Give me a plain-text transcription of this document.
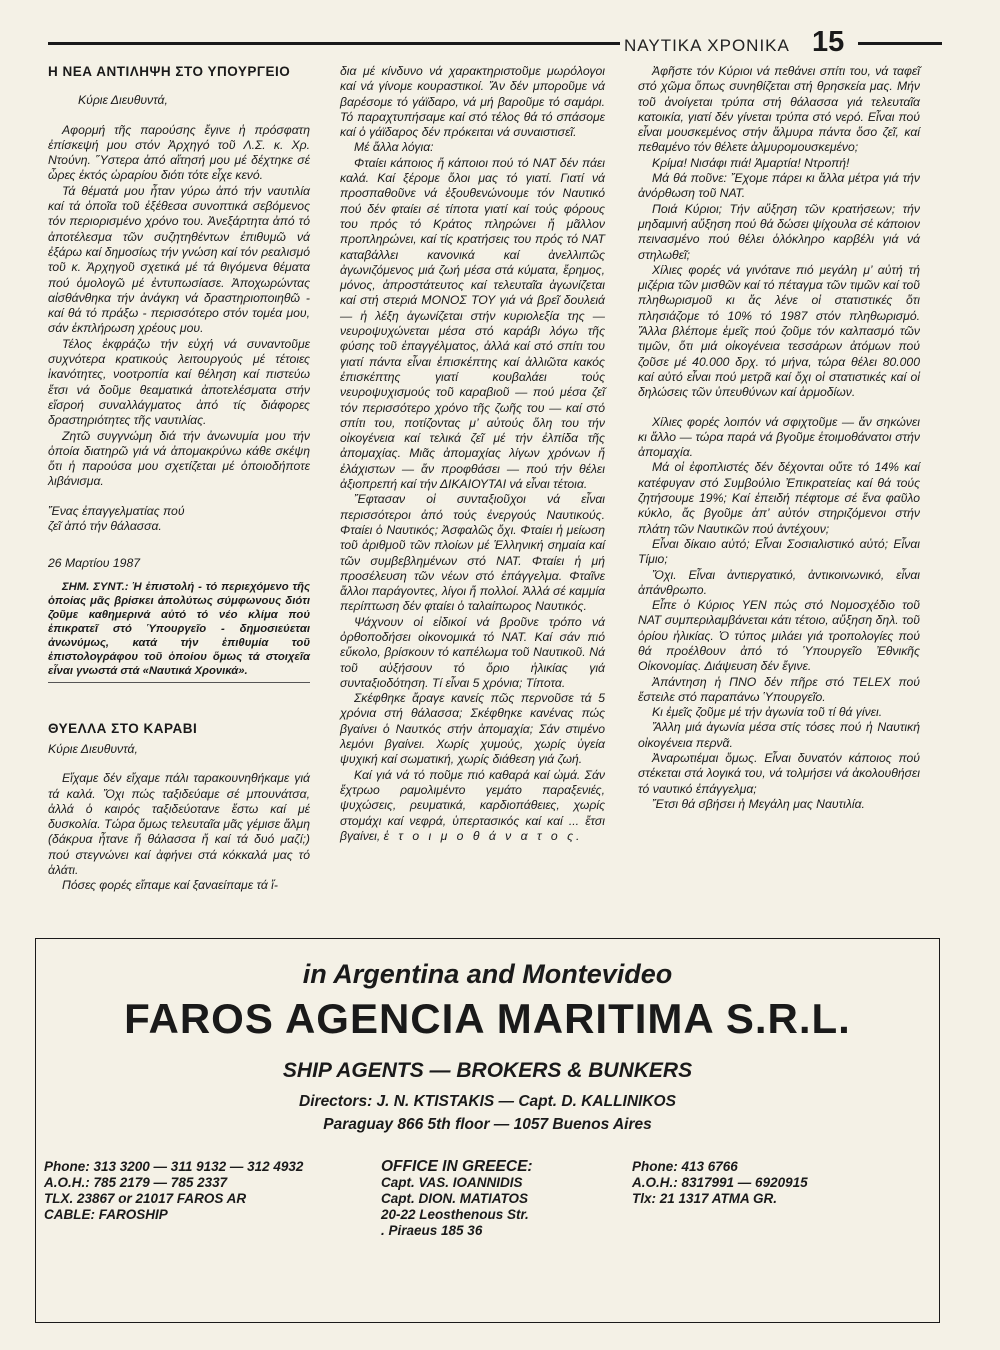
ΝΑΥΤΙΚΑ ΧΡΟΝΙΚΑ 15
Η ΝΕΑ ΑΝΤΙΛΗΨΗ ΣΤΟ ΥΠΟΥΡΓΕΙΟ

Κύριε Διευθυντά,

Αφορμή τῆς παρούσης ἔγινε ἡ πρόσφατη ἐπίσκεψή μου στόν Ἀρχηγό τοῦ Λ.Σ. κ. Χρ. Ντούνη. Ὕστερα ἀπό αἴτησή μου μέ δέχτηκε σέ ὧρες ἐκτός ὡραρίου διότι τότε εἶχε κενό.

Τά θέματά μου ἦταν γύρω ἀπό τήν ναυτιλία καί τά ὁποῖα τοῦ ἐξέθεσα συνοπτικά σεβόμενος τόν περιορισμένο χρόνο του. Ἀνεξάρτητα ἀπό τό ἀποτέλεσμα τῶν συζητηθέντων ἐπιθυμῶ νά ἐξάρω καί δημοσίως τήν γνώση καί τόν ρεαλισμό τοῦ κ. Ἀρχηγοῦ σχετικά μέ τά θιγόμενα θέματα πού ὁμολογῶ μέ ἐντυπωσίασε. Ἀποχωρώντας αἰσθάνθηκα τήν ἀνάγκη νά δραστηριοποιηθῶ - καί θά τό πράξω - περισσότερο στόν τομέα μου, σάν ἐκπλήρωση χρέους μου.

Τέλος ἐκφράζω τήν εὐχή νά συναντοῦμε συχνότερα κρατικούς λειτουργούς μέ τέτοιες ἱκανότητες, νοοτροπία καί θέληση καί πιστεύω ἔτσι νά δοῦμε θεαματικά ἀποτελέσματα στήν εἴσροή συναλλάγματος ἀπό τίς διάφορες δραστηριότητες τῆς ναυτιλίας.

Ζητῶ συγγνώμη διά τήν ἀνωνυμία μου τήν ὁποία διατηρῶ γιά νά ἀπομακρύνω κάθε σκέψη ὅτι ἡ παρούσα μου σχετίζεται μέ ὁποιοδήποτε λιβάνισμα.

Ἕνας ἐπαγγελματίας πού

ζεῖ ἀπό τήν θάλασσα.

26 Μαρτίου 1987

ΣΗΜ. ΣΥΝΤ.: Ἡ ἐπιστολή - τό περιεχόμενο τῆς ὁποίας μᾶς βρίσκει ἀπολύτως σύμφωνους διότι ζοῦμε καθημερινά αὐτό τό νέο κλίμα πού ἐπικρατεῖ στό Ὑπουργεῖο - δημοσιεύεται ἀνωνύμως, κατά τήν ἐπιθυμία τοῦ ἐπιστολογράφου τοῦ ὁποίου ὅμως τά στοιχεῖα εἶναι γνωστά στά «Ναυτικά Χρονικά».

ΘΥΕΛΛΑ ΣΤΟ ΚΑΡΑΒΙ

Κύριε Διευθυντά,

Εἴχαμε δέν εἴχαμε πάλι ταρακουνηθήκαμε γιά τά καλά. Ὄχι πώς ταξιδεύαμε σέ μπουνάτσα, ἀλλά ὁ καιρός ταξιδεύοτανε ἔστω καί μέ δυσκολία. Τώρα ὅμως τελευταῖα μᾶς γέμισε ἅλμη (δάκρυα ἦτανε ἤ θάλασσα ἤ καί τά δυό μαζί;) πού στεγνώνει καί ἀφήνει στά κόκκαλά μας τό ἁλάτι.

Πόσες φορές εἴπαμε καί ξαναείπαμε τά ἴ-

δια μέ κίνδυνο νά χαρακτηριστοῦμε μωρόλογοι καί νά γίνομε κουραστικοί. Ἄν δέν μποροῦμε νά βαρέσομε τό γάϊδαρο, νά μή βαροῦμε τό σαμάρι. Τό παραχτυπήσαμε καί στό τέλος θά τό σπάσομε καί ὁ γάϊδαρος δέν πρόκειται νά συναιστισεῖ.

Μέ ἄλλα λόγια:

Φταίει κάποιος ἤ κάποιοι πού τό ΝΑΤ δέν πάει καλά. Καί ξέρομε ὅλοι μας τό γιατί. Γιατί νά προσπαθοῦνε νά ἐξουθενώνουμε τόν Ναυτικό πού δέν φταίει σέ τίποτα γιατί καί τούς φόρους του πρός τό Κράτος πληρώνει ἤ μᾶλλον προπληρώνει, καί τίς κρατήσεις του πρός τό ΝΑΤ καταβάλλει κανονικά καί ἀνελλιπῶς ἀγωνιζόμενος μιά ζωή μέσα στά κύματα, ἔρημος, μόνος, ἀπροστάτευτος καί τελευταῖα ἀγωνίζεται καί στή στεριά ΜΟΝΟΣ ΤΟΥ γιά νά βρεῖ δουλειά — ἡ λέξη ἀγωνίζεται στήν κυριολεξία της — νευροψυχώνεται μέσα στό καράβι λόγω τῆς φύσης τοῦ ἐπαγγέλματος, ἀλλά καί στό σπίτι του γιατί πάντα εἶναι ἐπισκέπτης καί ἀλλιῶτα κακός ἐπισκέπτης γιατί κουβαλάει τούς νευροψυχισμούς τοῦ καραβιοῦ — πού μέσα ζεῖ τόν περισσότερο χρόνο τῆς ζωῆς του — καί στό σπίτι του, ποτίζοντας μ’ αὐτούς ὅλη του τήν οἰκογένεια καί τελικά ζεῖ μέ τήν ἐλπίδα τῆς ἀπομαχίας. Μιᾶς ἀπομαχίας λίγων χρόνων ἤ ἐλάχιστων — ἄν προφθάσει — πού τήν θέλει ἀξιοπρεπή καί τήν ΔΙΚΑΙΟΥΤΑΙ νά εἶναι τέτοια.

Ἔφτασαν οἱ συνταξιοῦχοι νά εἶναι περισσότεροι ἀπό τούς ἐνεργούς Ναυτικούς. Φταίει ὁ Ναυτικός; Ἀσφαλῶς ὄχι. Φταίει ἡ μείωση τοῦ ἀριθμοῦ τῶν πλοίων μέ Ἑλληνική σημαία καί τῶν συμβεβλημένων στό ΝΑΤ. Φταίει ἡ μή προσέλευση τῶν νέων στό ἐπάγγελμα. Φταῖνε ἄλλοι παράγοντες, λίγοι ἤ πολλοί. Ἀλλά σέ καμμία περίπτωση δέν φταίει ὁ ταλαίπωρος Ναυτικός.

Ψάχνουν οἱ εἰδικοί νά βροῦνε τρόπο νά ὀρθοποδήσει οἰκονομικά τό ΝΑΤ. Καί σάν πιό εὔκολο, βρίσκουν τό καπέλωμα τοῦ Ναυτικοῦ. Νά τοῦ αὐξήσουν τό ὅριο ἡλικίας γιά συνταξιοδότηση. Τί εἶναι 5 χρόνια; Τίποτα.

Σκέφθηκε ἄραγε κανείς πῶς περνοῦσε τά 5 χρόνια στή θάλασσα; Σκέφθηκε κανένας πώς βγαίνει ὁ Ναυτκός στήν ἀπομαχία; Σάν στιμένο λεμόνι βγαίνει. Χωρίς χυμούς, χωρίς ὑγεία ψυχική καί σωματική, χωρίς διάθεση γιά ζωή.

Καί γιά νά τό ποῦμε πιό καθαρά καί ὠμά. Σάν ἔχτρωο ραμολιμέντο γεμάτο παραξενιές, ψυχώσεις, ρευματικά, καρδιοπάθειες, χωρίς στομάχι καί νεφρά, ὑπερτασικός καί καί ... ἔτσι βγαίνει, ἑ τ ο ι μ ο θ ά ν α τ ο ς.

Ἀφῆστε τόν Κύριοι νά πεθάνει σπίτι του, νά ταφεῖ στό χῶμα ὅπως συνηθίζεται στή θρησκεία μας. Μήν τοῦ ἀνοίγεται τρύπα στή θάλασσα γιά τελευταῖα κατοικία, γιατί δέν γίνεται τρύπα στό νερό. Εἶναι πού εἶναι μουσκεμένος στήν ἅλμυρα πάντα ὅσο ζεῖ, καί πεθαμένο τόν θέλετε ἁλμυρομουσκεμένο;

Κρίμα! Νισάφι πιά! Ἁμαρτία! Ντροπή!

Μά θά ποῦνε: Ἔχομε πάρει κι ἄλλα μέτρα γιά τήν ἀνόρθωση τοῦ ΝΑΤ.

Ποιά Κύριοι; Τήν αὔξηση τῶν κρατήσεων; τήν μηδαμινή αὔξηση πού θά δώσει ψίχουλα σέ κάποιον πεινασμένο πού θέλει ὁλόκληρο καρβέλι γιά νά στηλωθεῖ;

Χίλιες φορές νά γινότανε πιό μεγάλη μ’ αὐτή τή μιζέρια τῶν μισθῶν καί τό πέταγμα τῶν τιμῶν καί τοῦ πληθωρισμοῦ κι ἄς λένε οἱ στατιστικές ὅτι πλησιάζομε τό 10% τό 1987 στόν πληθωρισμό. Ἄλλα βλέπομε ἐμεῖς πού ζοῦμε τόν καλπασμό τῶν τιμῶν, ὅτι μιά οἰκογένεια τεσσάρων ἀτόμων πού ζοῦσε μέ 40.000 δρχ. τό μήνα, τώρα θέλει 80.000 καί αὐτό εἶναι πού μετρᾶ καί ὄχι οἱ στατιστικές καί οἱ δηλώσεις τῶν ὑπευθύνων καί ἁρμοδίων.

Χίλιες φορές λοιπόν νά σφιχτοῦμε — ἄν σηκώνει κι ἄλλο — τώρα παρά νά βγοῦμε ἑτοιμοθάνατοι στήν ἀπομαχία.

Μά οἱ ἐφοπλιστές δέν δέχονται οὔτε τό 14% καί κατέφυγαν στό Συμβούλιο Ἐπικρατείας καί θά τούς ζητήσουμε 19%; Καί ἐπειδή πέφτομε σέ ἕνα φαῦλο κύκλο, ἄς βγοῦμε ἀπ’ αὐτόν στηριζόμενοι στήν πλάτη τῶν Ναυτικῶν πού ἀντέχουν;

Εἶναι δίκαιο αὐτό; Εἶναι Σοσιαλιστικό αὐτό; Εἶναι Τίμιο;

Ὄχι. Εἶναι ἀντιεργατικό, ἀντικοινωνικό, εἶναι ἀπάνθρωπο.

Εἶπε ὁ Κύριος ΥΕΝ πώς στό Νομοσχέδιο τοῦ ΝΑΤ συμπεριλαμβάνεται κάτι τέτοιο, αὔξηση δηλ. τοῦ ὁρίου ἡλικίας. Ὁ τύπος μιλάει γιά τροπολογίες πού θά προέλθουν ἀπό τό Ὑπουργεῖο Ἐθνικῆς Οἰκονομίας. Διάψευση δέν ἔγινε.

Ἀπάντηση ἡ ΠΝΟ δέν πῆρε στό TELEX πού ἔστειλε στό παραπάνω Ὑπουργεῖο.

Κι ἐμεῖς ζοῦμε μέ τήν ἀγωνία τοῦ τί θά γίνει.

Ἄλλη μιά ἀγωνία μέσα στίς τόσες πού ἡ Ναυτική οἰκογένεια περνᾶ.

Ἀναρωτιέμαι ὅμως. Εἶναι δυνατόν κάποιος πού στέκεται στά λογικά του, νά τολμήσει νά ἀκολουθήσει τό ναυτικό ἐπάγγελμα;

Ἔτσι θά σβήσει ἡ Μεγάλη μας Ναυτιλία.

in Argentina and Montevideo
FAROS AGENCIA MARITIMA S.R.L.
SHIP AGENTS — BROKERS & BUNKERS
Directors: J. N. KTISTAKIS — Capt. D. KALLINIKOS
Paraguay 866 5th floor — 1057 Buenos Aires
Phone: 313 3200 — 311 9132 — 312 4932
A.O.H.: 785 2179 — 785 2337
TLX. 23867 or 21017 FAROS AR
CABLE: FAROSHIP
OFFICE IN GREECE:
Capt. VAS. IOANNIDIS
Capt. DION. MATIATOS
20-22 Leosthenous Str.
. Piraeus 185 36
Phone: 413 6766
A.O.H.: 8317991 — 6920915
Tlx: 21 1317 ATMA GR.
